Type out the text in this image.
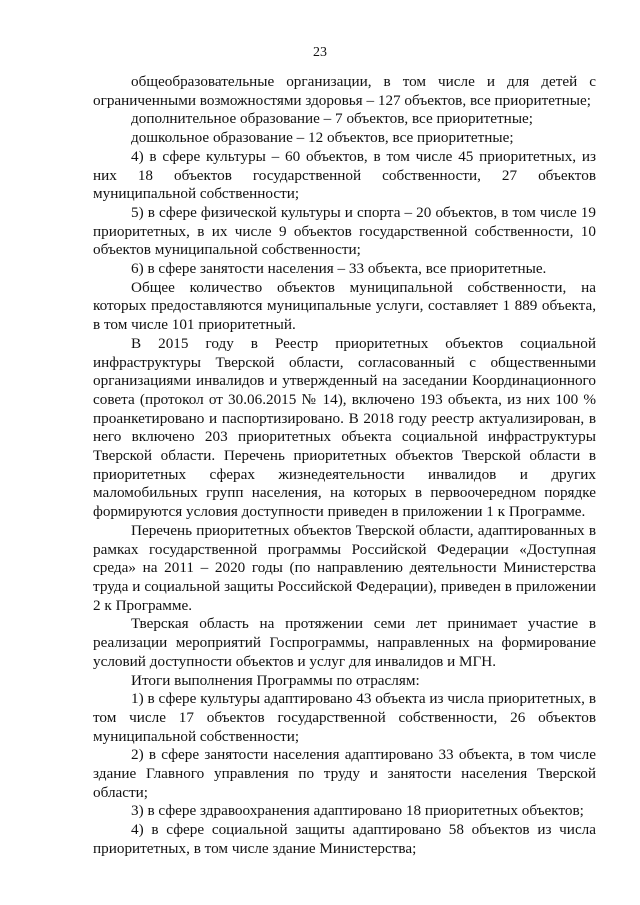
23

общеобразовательные организации, в том числе и для детей с ограниченными возможностями здоровья – 127 объектов, все приоритетные;

дополнительное образование – 7 объектов, все приоритетные;

дошкольное образование – 12 объектов, все приоритетные;

4) в сфере культуры – 60 объектов, в том числе 45 приоритетных, из них 18 объектов государственной собственности, 27 объектов муниципальной собственности;

5) в сфере физической культуры и спорта – 20 объектов, в том числе 19 приоритетных, в их числе 9 объектов государственной собственности, 10 объектов муниципальной собственности;

6) в сфере занятости населения – 33 объекта, все приоритетные.

Общее количество объектов муниципальной собственности, на которых предоставляются муниципальные услуги, составляет 1 889 объекта, в том числе 101 приоритетный.

В 2015 году в Реестр приоритетных объектов социальной инфраструктуры Тверской области, согласованный с общественными организациями инвалидов и утвержденный на заседании Координационного совета (протокол от 30.06.2015 № 14), включено 193 объекта, из них 100 % проанкетировано и паспортизировано. В 2018 году реестр актуализирован, в него включено 203 приоритетных объекта социальной инфраструктуры Тверской области. Перечень приоритетных объектов Тверской области в приоритетных сферах жизнедеятельности инвалидов и других маломобильных групп населения, на которых в первоочередном порядке формируются условия доступности приведен в приложении 1 к Программе.

Перечень приоритетных объектов Тверской области, адаптированных в рамках государственной программы Российской Федерации «Доступная среда» на 2011 – 2020 годы (по направлению деятельности Министерства труда и социальной защиты Российской Федерации), приведен в приложении 2 к Программе.

Тверская область на протяжении семи лет принимает участие в реализации мероприятий Госпрограммы, направленных на формирование условий доступности объектов и услуг для инвалидов и МГН.

Итоги выполнения Программы по отраслям:

1) в сфере культуры адаптировано 43 объекта из числа приоритетных, в том числе 17 объектов государственной собственности, 26 объектов муниципальной собственности;

2) в сфере занятости населения адаптировано 33 объекта, в том числе здание Главного управления по труду и занятости населения Тверской области;

3) в сфере здравоохранения адаптировано 18 приоритетных объектов;

4) в сфере социальной защиты адаптировано 58 объектов из числа приоритетных, в том числе здание Министерства;
